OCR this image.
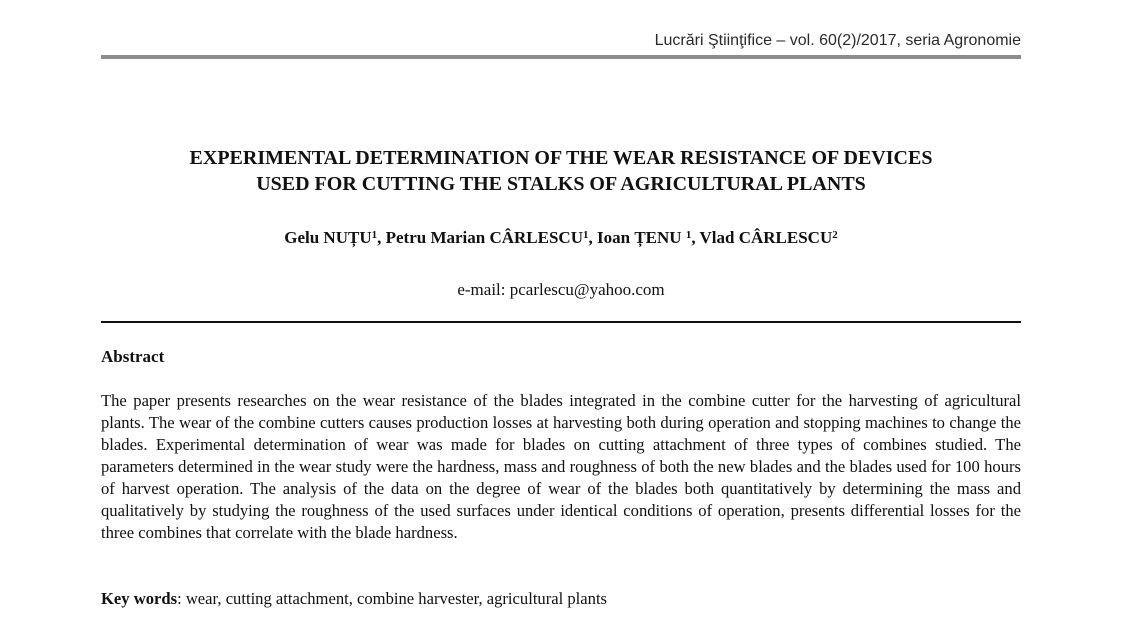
Lucrări Ştiinţifice – vol. 60(2)/2017, seria Agronomie
EXPERIMENTAL DETERMINATION OF THE WEAR RESISTANCE OF DEVICES
USED FOR CUTTING THE STALKS OF AGRICULTURAL PLANTS
Gelu NUȚU$^1$, Petru Marian CÂRLESCU$^1$, Ioan ȚENU $^1$, Vlad CÂRLESCU$^2$
e-mail: pcarlescu@yahoo.com
Abstract

The paper presents researches on the wear resistance of the blades integrated in the combine cutter for the harvesting of agricultural plants. The wear of the combine cutters causes production losses at harvesting both during operation and stopping machines to change the blades. Experimental determination of wear was made for blades on cutting attachment of three types of combines studied. The parameters determined in the wear study were the hardness, mass and roughness of both the new blades and the blades used for 100 hours of harvest operation. The analysis of the data on the degree of wear of the blades both quantitatively by determining the mass and qualitatively by studying the roughness of the used surfaces under identical conditions of operation, presents differential losses for the three combines that correlate with the blade hardness.

Key words: wear, cutting attachment, combine harvester, agricultural plants
